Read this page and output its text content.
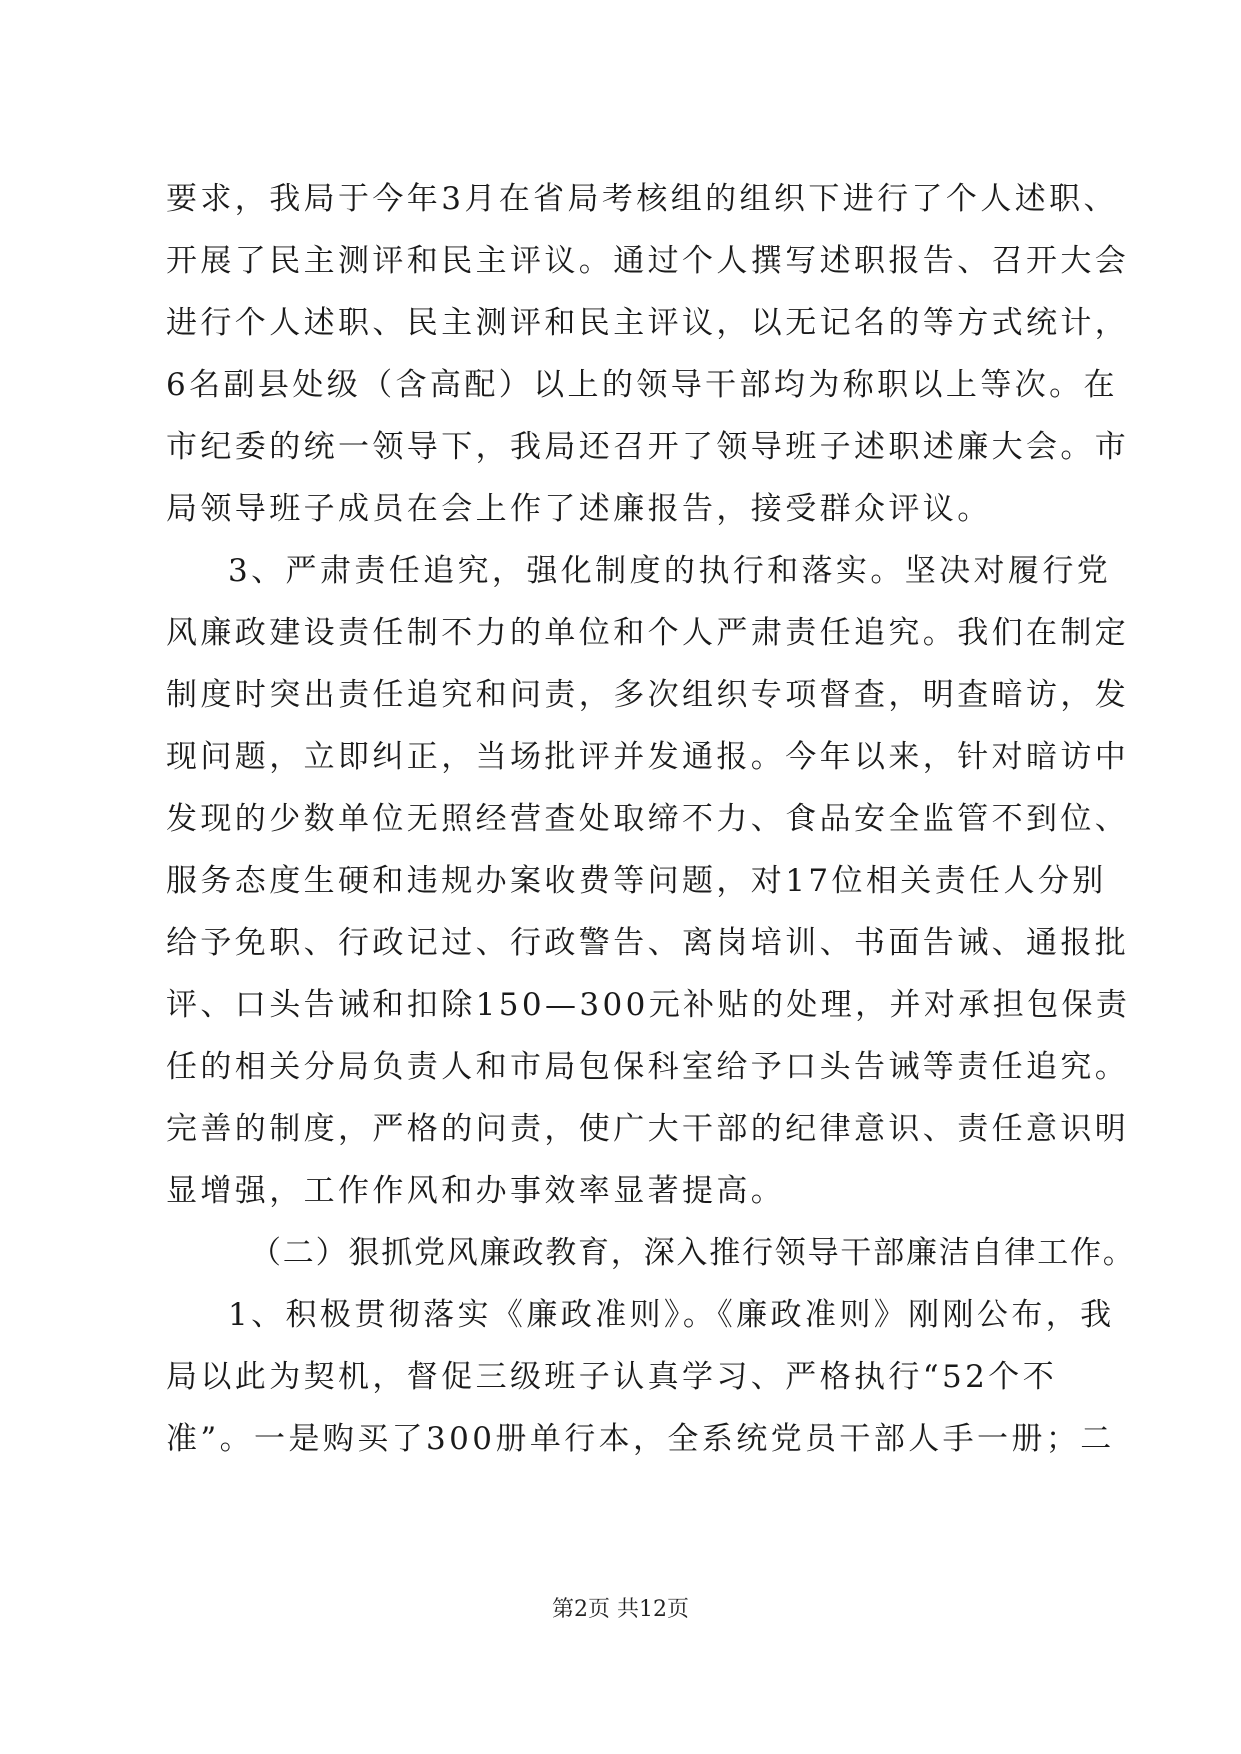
要求，我局于今年3月在省局考核组的组织下进行了个人述职、
开展了民主测评和民主评议。通过个人撰写述职报告、召开大会
进行个人述职、民主测评和民主评议，以无记名的等方式统计，
6名副县处级（含高配）以上的领导干部均为称职以上等次。在
市纪委的统一领导下，我局还召开了领导班子述职述廉大会。市
局领导班子成员在会上作了述廉报告，接受群众评议。
3、严肃责任追究，强化制度的执行和落实。坚决对履行党
风廉政建设责任制不力的单位和个人严肃责任追究。我们在制定
制度时突出责任追究和问责，多次组织专项督查，明查暗访，发
现问题，立即纠正，当场批评并发通报。今年以来，针对暗访中
发现的少数单位无照经营查处取缔不力、食品安全监管不到位、
服务态度生硬和违规办案收费等问题，对17位相关责任人分别
给予免职、行政记过、行政警告、离岗培训、书面告诫、通报批
评、口头告诫和扣除150—300元补贴的处理，并对承担包保责
任的相关分局负责人和市局包保科室给予口头告诫等责任追究。
完善的制度，严格的问责，使广大干部的纪律意识、责任意识明
显增强，工作作风和办事效率显著提高。
（二）狠抓党风廉政教育，深入推行领导干部廉洁自律工作。
1、积极贯彻落实《廉政准则》。《廉政准则》刚刚公布，我
局以此为契机，督促三级班子认真学习、严格执行“52个不
准”。一是购买了300册单行本，全系统党员干部人手一册；二
第2页 共12页
